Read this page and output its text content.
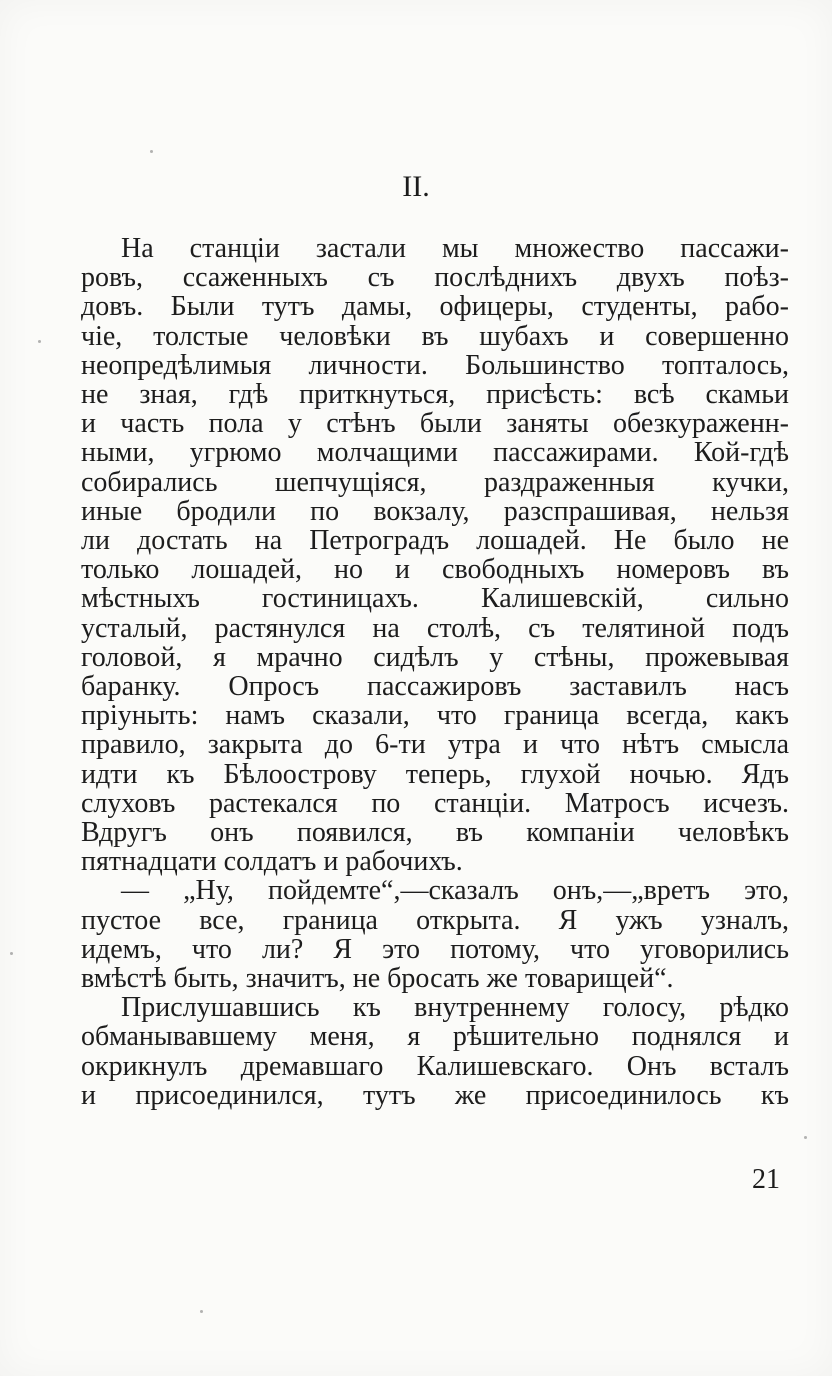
II.

На станціи застали мы множество пассажи-
ровъ, ссаженныхъ съ послѣднихъ двухъ поѣз-
довъ. Были тутъ дамы, офицеры, студенты, рабо-
чіе, толстые человѣки въ шубахъ и совершенно
неопредѣлимыя личности. Большинство топталось,
не зная, гдѣ приткнуться, присѣсть: всѣ скамьи
и часть пола у стѣнъ были заняты обезкураженн-
ными, угрюмо молчащими пассажирами. Кой-гдѣ
собирались шепчущіяся, раздраженныя кучки,
иные бродили по вокзалу, разспрашивая, нельзя
ли достать на Петроградъ лошадей. Не было не
только лошадей, но и свободныхъ номеровъ въ
мѣстныхъ гостиницахъ. Калишевскій, сильно
усталый, растянулся на столѣ, съ телятиной подъ
головой, я мрачно сидѣлъ у стѣны, прожевывая
баранку. Опросъ пассажировъ заставилъ насъ
пріуныть: намъ сказали, что граница всегда, какъ
правило, закрыта до 6-ти утра и что нѣтъ смысла
идти къ Бѣлоострову теперь, глухой ночью. Ядъ
слуховъ растекался по станціи. Матросъ исчезъ.
Вдругъ онъ появился, въ компаніи человѣкъ
пятнадцати солдатъ и рабочихъ.

— „Ну, пойдемте“,—сказалъ онъ,—„вретъ это,
пустое все, граница открыта. Я ужъ узналъ,
идемъ, что ли? Я это потому, что уговорились
вмѣстѣ быть, значитъ, не бросать же товарищей“.

Прислушавшись къ внутреннему голосу, рѣдко
обманывавшему меня, я рѣшительно поднялся и
окрикнулъ дремавшаго Калишевскаго. Онъ всталъ
и присоединился, тутъ же присоединилось къ

21
